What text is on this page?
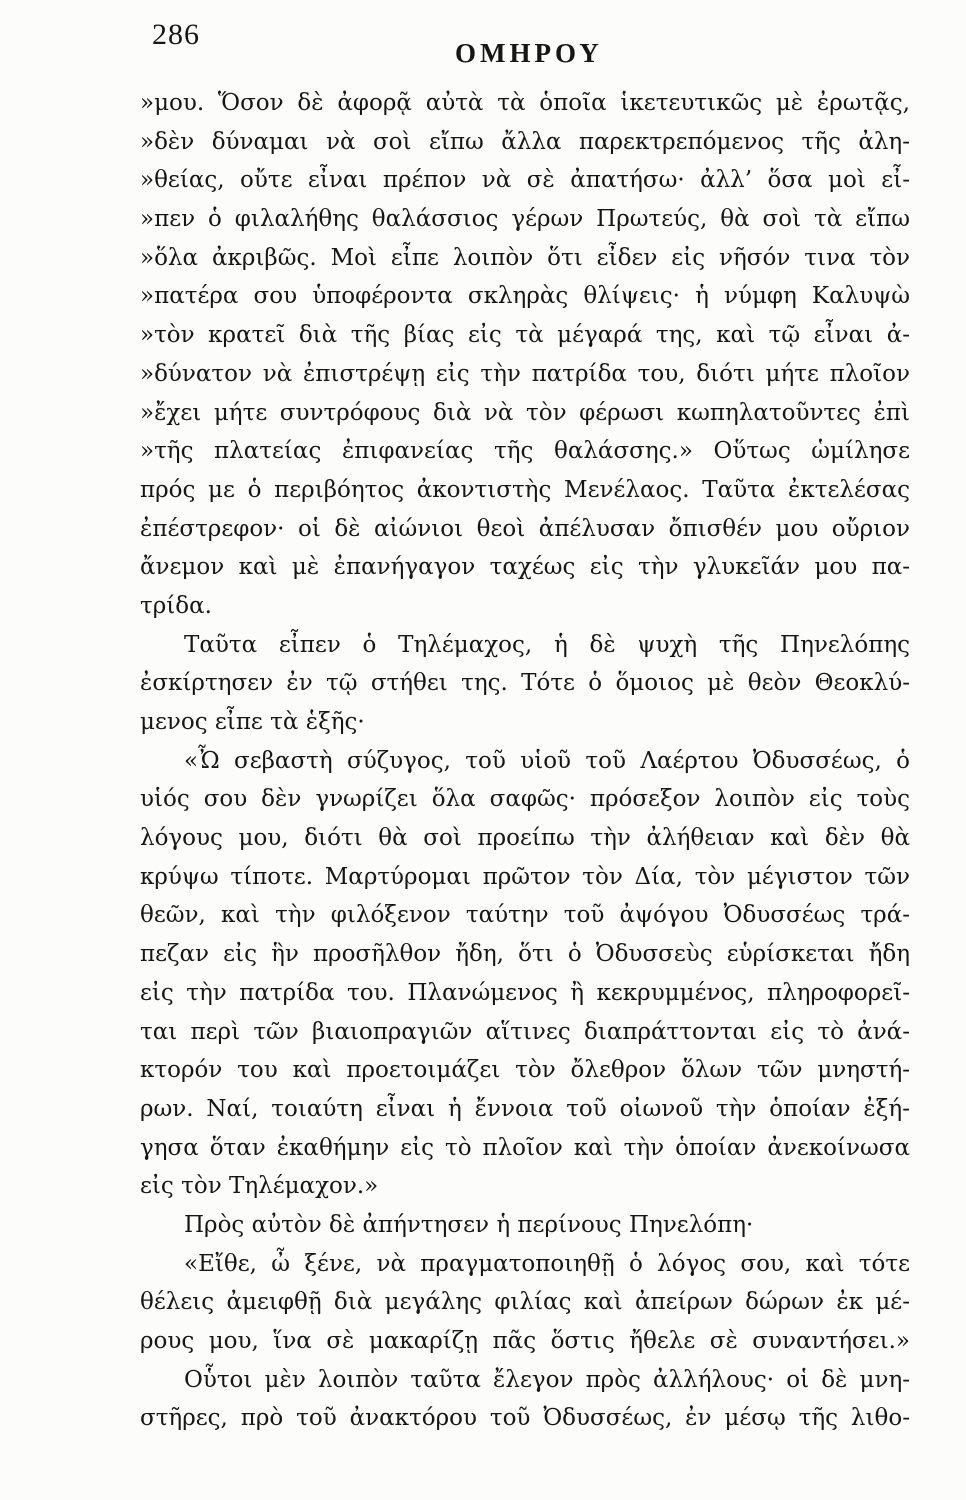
286
ΟΜΗΡΟΥ
»μου. Ὅσον δὲ ἀφορᾷ αὐτὰ τὰ ὁποῖα ἱκετευτικῶς μὲ ἐρωτᾷς,
»δὲν δύναμαι νὰ σοὶ εἴπω ἄλλα παρεκτρεπόμενος τῆς ἀλη-
»θείας, οὔτε εἶναι πρέπον νὰ σὲ ἀπατήσω· ἀλλ’ ὅσα μοὶ εἶ-
»πεν ὁ φιλαλήθης θαλάσσιος γέρων Πρωτεύς, θὰ σοὶ τὰ εἴπω
»ὅλα ἀκριβῶς. Μοὶ εἶπε λοιπὸν ὅτι εἶδεν εἰς νῆσόν τινα τὸν
»πατέρα σου ὑποφέροντα σκληρὰς θλίψεις· ἡ νύμφη Καλυψὼ
»τὸν κρατεῖ διὰ τῆς βίας εἰς τὰ μέγαρά της, καὶ τῷ εἶναι ἀ-
»δύνατον νὰ ἐπιστρέψῃ εἰς τὴν πατρίδα του, διότι μήτε πλοῖον
»ἔχει μήτε συντρόφους διὰ νὰ τὸν φέρωσι κωπηλατοῦντες ἐπὶ
»τῆς πλατείας ἐπιφανείας τῆς θαλάσσης.» Οὕτως ὡμίλησε
πρός με ὁ περιβόητος ἀκοντιστὴς Μενέλαος. Ταῦτα ἐκτελέσας
ἐπέστρεφον· οἱ δὲ αἰώνιοι θεοὶ ἀπέλυσαν ὄπισθέν μου οὔριον
ἄνεμον καὶ μὲ ἐπανήγαγον ταχέως εἰς τὴν γλυκεῖάν μου πα-
τρίδα.
Ταῦτα εἶπεν ὁ Τηλέμαχος, ἡ δὲ ψυχὴ τῆς Πηνελόπης
ἐσκίρτησεν ἐν τῷ στήθει της. Τότε ὁ ὅμοιος μὲ θεὸν Θεοκλύ-
μενος εἶπε τὰ ἑξῆς·
«Ὦ σεβαστὴ σύζυγος, τοῦ υἱοῦ τοῦ Λαέρτου Ὀδυσσέως, ὁ
υἱός σου δὲν γνωρίζει ὅλα σαφῶς· πρόσεξον λοιπὸν εἰς τοὺς
λόγους μου, διότι θὰ σοὶ προείπω τὴν ἀλήθειαν καὶ δὲν θὰ
κρύψω τίποτε. Μαρτύρομαι πρῶτον τὸν Δία, τὸν μέγιστον τῶν
θεῶν, καὶ τὴν φιλόξενον ταύτην τοῦ ἀψόγου Ὀδυσσέως τρά-
πεζαν εἰς ἣν προσῆλθον ἤδη, ὅτι ὁ Ὀδυσσεὺς εὑρίσκεται ἤδη
εἰς τὴν πατρίδα του. Πλανώμενος ἢ κεκρυμμένος, πληροφορεῖ-
ται περὶ τῶν βιαιοπραγιῶν αἵτινες διαπράττονται εἰς τὸ ἀνά-
κτορόν του καὶ προετοιμάζει τὸν ὄλεθρον ὅλων τῶν μνηστή-
ρων. Ναί, τοιαύτη εἶναι ἡ ἔννοια τοῦ οἰωνοῦ τὴν ὁποίαν ἐξή-
γησα ὅταν ἐκαθήμην εἰς τὸ πλοῖον καὶ τὴν ὁποίαν ἀνεκοίνωσα
εἰς τὸν Τηλέμαχον.»
Πρὸς αὐτὸν δὲ ἀπήντησεν ἡ περίνους Πηνελόπη·
«Εἴθε, ὦ ξένε, νὰ πραγματοποιηθῇ ὁ λόγος σου, καὶ τότε
θέλεις ἀμειφθῇ διὰ μεγάλης φιλίας καὶ ἀπείρων δώρων ἐκ μέ-
ρους μου, ἵνα σὲ μακαρίζῃ πᾶς ὅστις ἤθελε σὲ συναντήσει.»
Οὗτοι μὲν λοιπὸν ταῦτα ἔλεγον πρὸς ἀλλήλους· οἱ δὲ μνη-
στῆρες, πρὸ τοῦ ἀνακτόρου τοῦ Ὀδυσσέως, ἐν μέσῳ τῆς λιθο-
